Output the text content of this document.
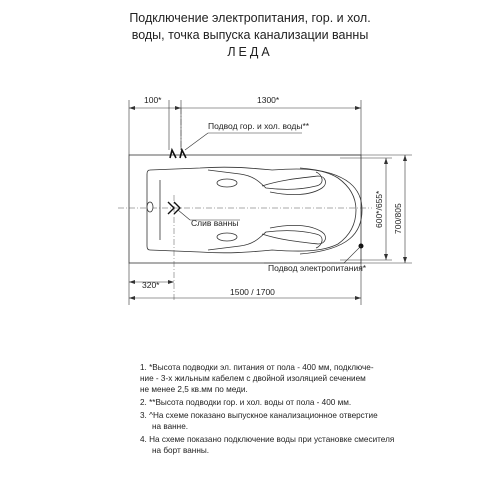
Подключение электропитания, гор. и хол.
воды, точка выпуска канализации ванны
ЛЕДА
100*	1300*
600*/655* 700/805
320*
1500 / 1700
Подвод гор. и хол. воды**
Слив ванны
Подвод электропитания*
1. *Высота подводки эл. питания от пола - 400 мм, подключе-
ние - 3-х жильным кабелем с двойной изоляцией сечением
не менее 2,5 кв.мм по меди.
2. **Высота подводки гор. и хол. воды от пола - 400 мм.
3. ^На схеме показано выпускное канализационное отверстие
на ванне.
4. На схеме показано подключение воды при установке смесителя
на борт ванны.
